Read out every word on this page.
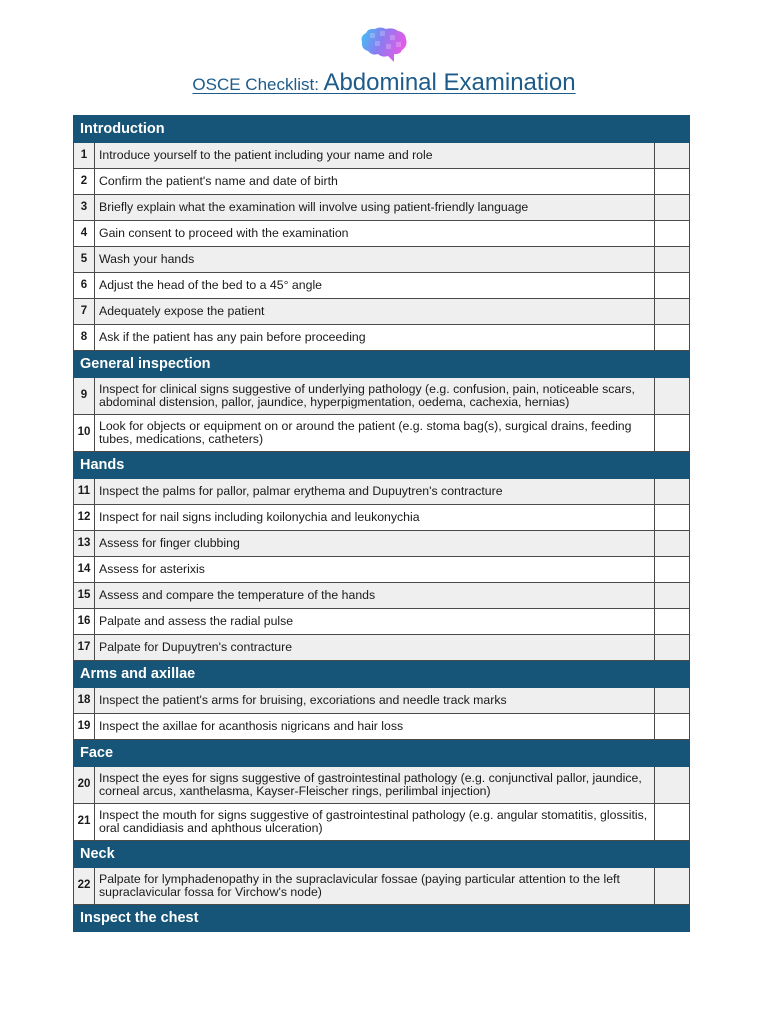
OSCE Checklist: Abdominal Examination
Introduction		
1	Introduce yourself to the patient including your name and role	
2	Confirm the patient's name and date of birth	
3	Briefly explain what the examination will involve using patient-friendly language	
4	Gain consent to proceed with the examination	
5	Wash your hands	
6	Adjust the head of the bed to a 45° angle	
7	Adequately expose the patient	
8	Ask if the patient has any pain before proceeding	
General inspection		
9	Inspect for clinical signs suggestive of underlying pathology (e.g. confusion, pain, noticeable scars, abdominal distension, pallor, jaundice, hyperpigmentation, oedema, cachexia, hernias)	
10	Look for objects or equipment on or around the patient (e.g. stoma bag(s), surgical drains, feeding tubes, medications, catheters)	
Hands		
11	Inspect the palms for pallor, palmar erythema and Dupuytren's contracture	
12	Inspect for nail signs including koilonychia and leukonychia	
13	Assess for finger clubbing	
14	Assess for asterixis	
15	Assess and compare the temperature of the hands	
16	Palpate and assess the radial pulse	
17	Palpate for Dupuytren's contracture	
Arms and axillae		
18	Inspect the patient's arms for bruising, excoriations and needle track marks	
19	Inspect the axillae for acanthosis nigricans and hair loss	
Face		
20	Inspect the eyes for signs suggestive of gastrointestinal pathology (e.g. conjunctival pallor, jaundice, corneal arcus, xanthelasma, Kayser-Fleischer rings, perilimbal injection)	
21	Inspect the mouth for signs suggestive of gastrointestinal pathology (e.g. angular stomatitis, glossitis, oral candidiasis and aphthous ulceration)	
Neck		
22	Palpate for lymphadenopathy in the supraclavicular fossae (paying particular attention to the left supraclavicular fossa for Virchow's node)	
Inspect the chest		
